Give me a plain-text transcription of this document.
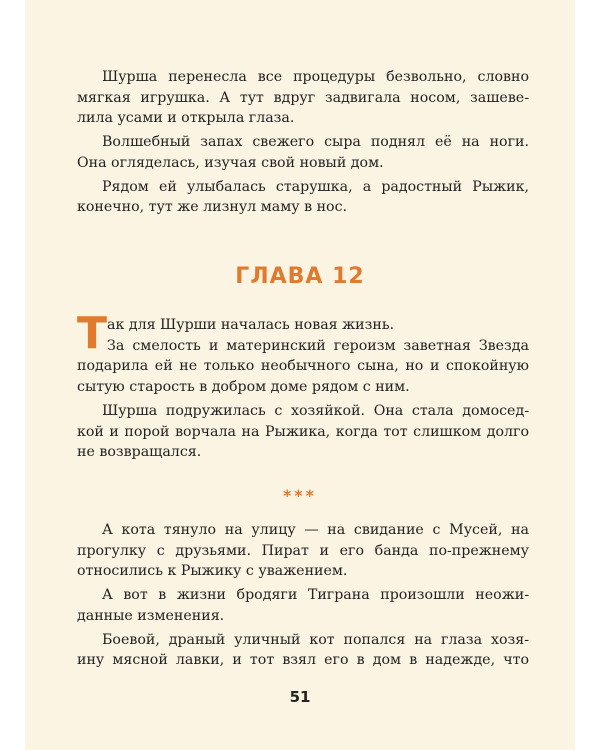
Шурша перенесла все процедуры безвольно, словно
мягкая игрушка. А тут вдруг задвигала носом, зашеве-
лила усами и открыла глаза.
Волшебный запах свежего сыра поднял её на ноги.
Она огляделась, изучая свой новый дом.
Рядом ей улыбалась старушка, а радостный Рыжик,
конечно, тут же лизнул маму в нос.
ГЛАВА 12
Т ак для Шурши началась новая жизнь.
За смелость и материнский героизм заветная Звезда
подарила ей не только необычного сына, но и спокойную
сытую старость в добром доме рядом с ним.
Шурша подружилась с хозяйкой. Она стала домосед-
кой и порой ворчала на Рыжика, когда тот слишком долго
не возвращался.
***
А кота тянуло на улицу — на свидание с Мусей, на
прогулку с друзьями. Пират и его банда по-прежнему
относились к Рыжику с уважением.
А вот в жизни бродяги Тиграна произошли неожи-
данные изменения.
Боевой, драный уличный кот попался на глаза хозя-
ину мясной лавки, и тот взял его в дом в надежде, что
51
